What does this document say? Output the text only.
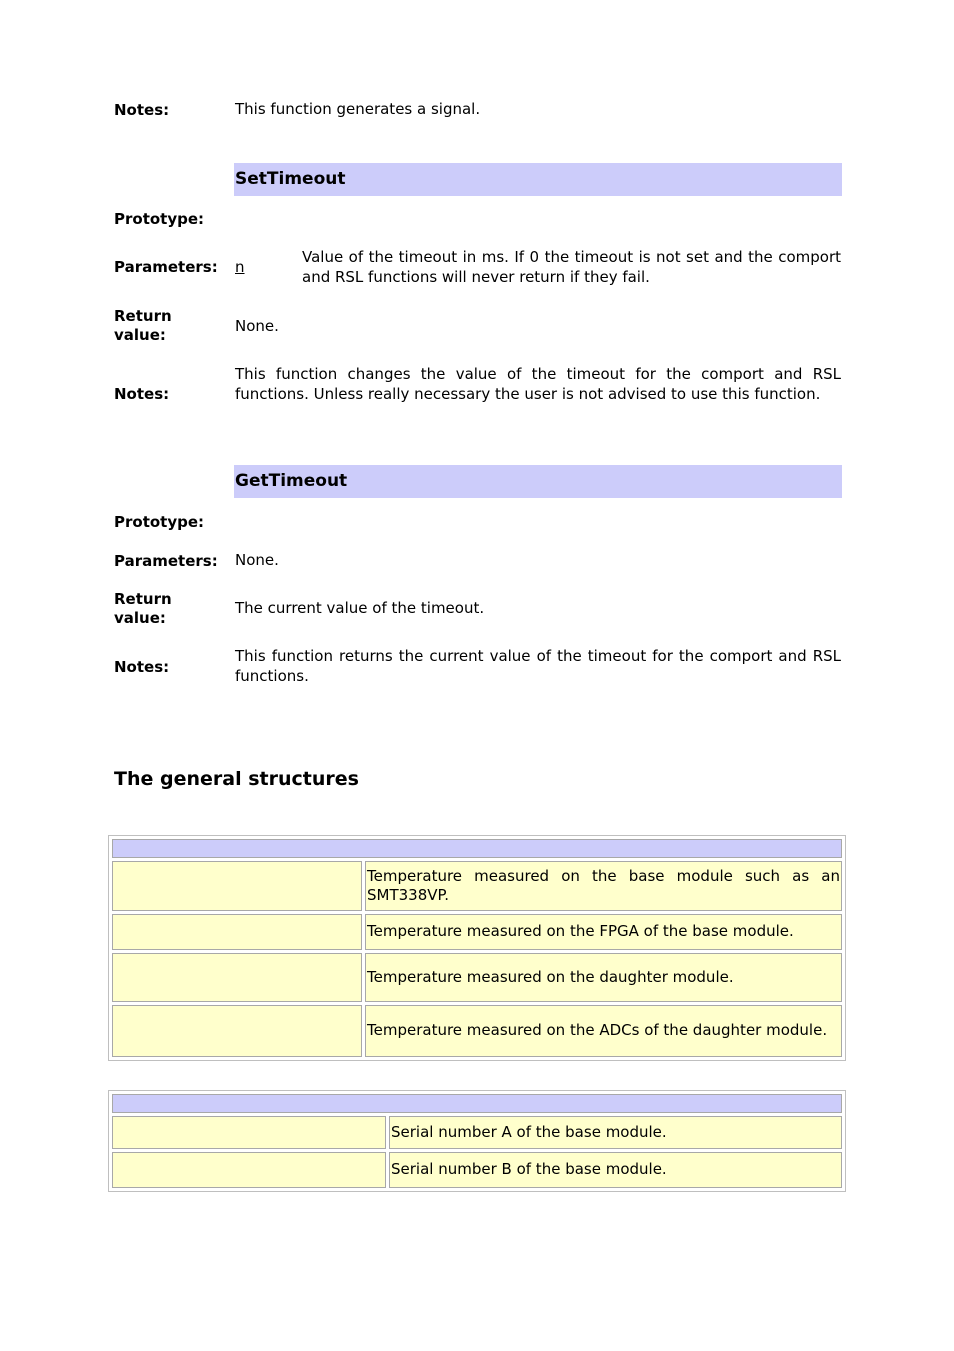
Notes:	This function generates a signal.
SetTimeout
Prototype:
Parameters: n
Value of the timeout in ms. If 0 the timeout is not set and the comport and RSL functions will never return if they fail.
Return value:	None.
Notes:
This function changes the value of the timeout for the comport and RSL functions. Unless really necessary the user is not advised to use this function.
GetTimeout
Prototype:
Parameters: None.
Return value:
The current value of the timeout.
Notes:
This function returns the current value of the timeout for the comport and RSL functions.
The general structures

	Temperature measured on the base module such as an SMT338VP.
	Temperature measured on the FPGA of the base module.
	Temperature measured on the daughter module.
	Temperature measured on the ADCs of the daughter module.

	Serial number A of the base module.
	Serial number B of the base module.
